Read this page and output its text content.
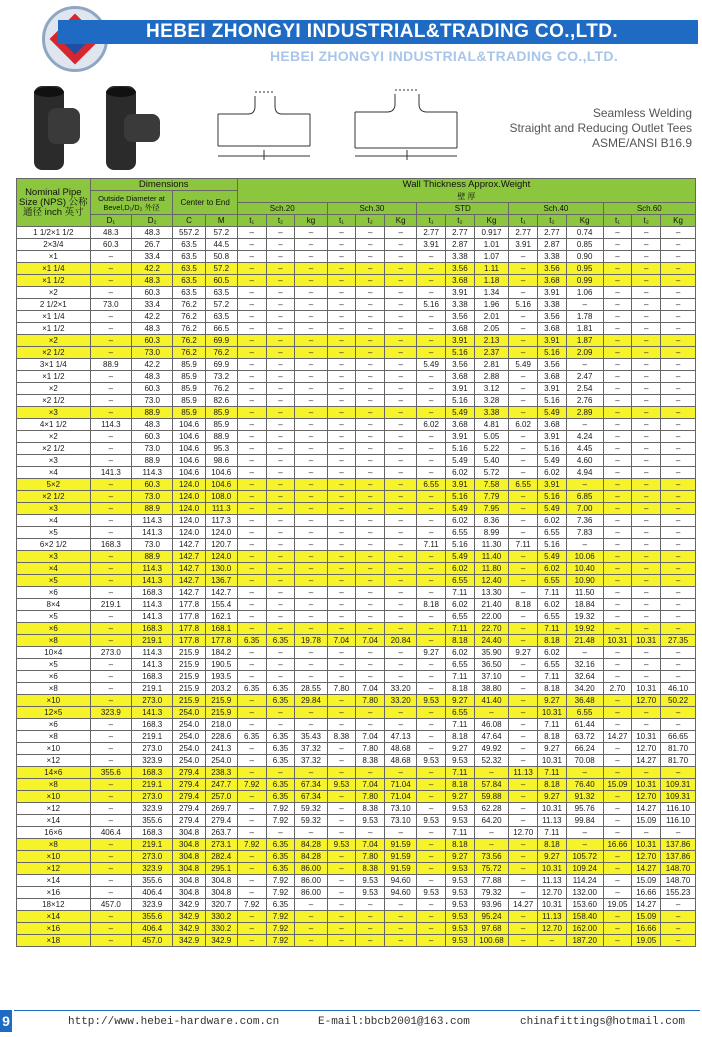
HEBEI ZHONGYI INDUSTRIAL&TRADING CO.,LTD.
HEBEI ZHONGYI INDUSTRIAL&TRADING CO.,LTD.
Seamless Welding
Straight and Reducing Outlet Tees
ASME/ANSI B16.9
Nominal Pipe Size (NPS) 公称通径 inch 英寸	Dimensions				Wall Thickness Approx.Weight														
	Outside Diameter at Bevel,D₁/D₂ 外径		Center to End		壁 厚														
					Sch.20			Sch.30			STD			Sch.40			Sch.60		
	D₁	D₂	C	M	t₁	t₂	kg	t₁	t₂	Kg	t₁	t₂	Kg	t₁	t₂	Kg	t₁	t₂	Kg
1 1/2×1 1/2	48.3	48.3	557.2	57.2	–	–	–	–	–	–	2.77	2.77	0.917	2.77	2.77	0.74	–	–	–
2×3/4	60.3	26.7	63.5	44.5	–	–	–	–	–	–	3.91	2.87	1.01	3.91	2.87	0.85	–	–	–
×1	–	33.4	63.5	50.8	–	–	–	–	–	–	–	3.38	1.07	–	3.38	0.90	–	–	–
×1 1/4	–	42.2	63.5	57.2	–	–	–	–	–	–	–	3.56	1.11	–	3.56	0.95	–	–	–
×1 1/2	–	48.3	63.5	60.5	–	–	–	–	–	–	–	3.68	1.18	–	3.68	0.99	–	–	–
×2	–	60.3	63.5	63.5	–	–	–	–	–	–	–	3.91	1.34	–	3.91	1.06	–	–	–
2 1/2×1	73.0	33.4	76.2	57.2	–	–	–	–	–	–	5.16	3.38	1.96	5.16	3.38	–	–	–	–
×1 1/4	–	42.2	76.2	63.5	–	–	–	–	–	–	–	3.56	2.01	–	3.56	1.78	–	–	–
×1 1/2	–	48.3	76.2	66.5	–	–	–	–	–	–	–	3.68	2.05	–	3.68	1.81	–	–	–
×2	–	60.3	76.2	69.9	–	–	–	–	–	–	–	3.91	2.13	–	3.91	1.87	–	–	–
×2 1/2	–	73.0	76.2	76.2	–	–	–	–	–	–	–	5.16	2.37	–	5.16	2.09	–	–	–
3×1 1/4	88.9	42.2	85.9	69.9	–	–	–	–	–	–	5.49	3.56	2.81	5.49	3.56	–	–	–	–
×1 1/2	–	48.3	85.9	73.2	–	–	–	–	–	–	–	3.68	2.88	–	3.68	2.47	–	–	–
×2	–	60.3	85.9	76.2	–	–	–	–	–	–	–	3.91	3.12	–	3.91	2.54	–	–	–
×2 1/2	–	73.0	85.9	82.6	–	–	–	–	–	–	–	5.16	3.28	–	5.16	2.76	–	–	–
×3	–	88.9	85.9	85.9	–	–	–	–	–	–	–	5.49	3.38	–	5.49	2.89	–	–	–
4×1 1/2	114.3	48.3	104.6	85.9	–	–	–	–	–	–	6.02	3.68	4.81	6.02	3.68	–	–	–	–
×2	–	60.3	104.6	88.9	–	–	–	–	–	–	–	3.91	5.05	–	3.91	4.24	–	–	–
×2 1/2	–	73.0	104.6	95.3	–	–	–	–	–	–	–	5.16	5.22	–	5.16	4.45	–	–	–
×3	–	88.9	104.6	98.6	–	–	–	–	–	–	–	5.49	5.40	–	5.49	4.60	–	–	–
×4	141.3	114.3	104.6	104.6	–	–	–	–	–	–	–	6.02	5.72	–	6.02	4.94	–	–	–
5×2	–	60.3	124.0	104.6	–	–	–	–	–	–	6.55	3.91	7.58	6.55	3.91	–	–	–	–
×2 1/2	–	73.0	124.0	108.0	–	–	–	–	–	–	–	5.16	7.79	–	5.16	6.85	–	–	–
×3	–	88.9	124.0	111.3	–	–	–	–	–	–	–	5.49	7.95	–	5.49	7.00	–	–	–
×4	–	114.3	124.0	117.3	–	–	–	–	–	–	–	6.02	8.36	–	6.02	7.36	–	–	–
×5	–	141.3	124.0	124.0	–	–	–	–	–	–	–	6.55	8.99	–	6.55	7.83	–	–	–
6×2 1/2	168.3	73.0	142.7	120.7	–	–	–	–	–	–	7.11	5.16	11.30	7.11	5.16	–	–	–	–
×3	–	88.9	142.7	124.0	–	–	–	–	–	–	–	5.49	11.40	–	5.49	10.06	–	–	–
×4	–	114.3	142.7	130.0	–	–	–	–	–	–	–	6.02	11.80	–	6.02	10.40	–	–	–
×5	–	141.3	142.7	136.7	–	–	–	–	–	–	–	6.55	12.40	–	6.55	10.90	–	–	–
×6	–	168.3	142.7	142.7	–	–	–	–	–	–	–	7.11	13.30	–	7.11	11.50	–	–	–
8×4	219.1	114.3	177.8	155.4	–	–	–	–	–	–	8.18	6.02	21.40	8.18	6.02	18.84	–	–	–
×5	–	141.3	177.8	162.1	–	–	–	–	–	–	–	6.55	22.00	–	6.55	19.32	–	–	–
×6	–	168.3	177.8	168.1	–	–	–	–	–	–	–	7.11	22.70	–	7.11	19.92	–	–	–
×8	–	219.1	177.8	177.8	6.35	6.35	19.78	7.04	7.04	20.84	–	8.18	24.40	–	8.18	21.48	10.31	10.31	27.35
10×4	273.0	114.3	215.9	184.2	–	–	–	–	–	–	9.27	6.02	35.90	9.27	6.02	–	–	–	–
×5	–	141.3	215.9	190.5	–	–	–	–	–	–	–	6.55	36.50	–	6.55	32.16	–	–	–
×6	–	168.3	215.9	193.5	–	–	–	–	–	–	–	7.11	37.10	–	7.11	32.64	–	–	–
×8	–	219.1	215.9	203.2	6.35	6.35	28.55	7.80	7.04	33.20	–	8.18	38.80	–	8.18	34.20	2.70	10.31	46.10
×10	–	273.0	215.9	215.9	–	6.35	29.84	–	7.80	33.20	9.53	9.27	41.40	–	9.27	36.48	–	12.70	50.22
12×5	323.9	141.3	254.0	215.9	–	–	–	–	–	–	–	6.55	–	–	10.31	6.55	–	–	–
×6	–	168.3	254.0	218.0	–	–	–	–	–	–	–	7.11	46.08	–	7.11	61.44	–	–	–
×8	–	219.1	254.0	228.6	6.35	6.35	35.43	8.38	7.04	47.13	–	8.18	47.64	–	8.18	63.72	14.27	10.31	66.65
×10	–	273.0	254.0	241.3	–	6.35	37.32	–	7.80	48.68	–	9.27	49.92	–	9.27	66.24	–	12.70	81.70
×12	–	323.9	254.0	254.0	–	6.35	37.32	–	8.38	48.68	9.53	9.53	52.32	–	10.31	70.08	–	14.27	81.70
14×6	355.6	168.3	279.4	238.3	–	–	–	–	–	–	–	7.11	–	11.13	7.11	–	–	–	–
×8	–	219.1	279.4	247.7	7.92	6.35	67.34	9.53	7.04	71.04	–	8.18	57.84	–	8.18	76.40	15.09	10.31	109.31
×10	–	273.0	279.4	257.0	–	6.35	67.34	–	7.80	71.04	–	9.27	59.88	–	9.27	91.32	–	12.70	109.31
×12	–	323.9	279.4	269.7	–	7.92	59.32	–	8.38	73.10	–	9.53	62.28	–	10.31	95.76	–	14.27	116.10
×14	–	355.6	279.4	279.4	–	7.92	59.32	–	9.53	73.10	9.53	9.53	64.20	–	11.13	99.84	–	15.09	116.10
16×6	406.4	168.3	304.8	263.7	–	–	–	–	–	–	–	7.11	–	12.70	7.11	–	–	–	–
×8	–	219.1	304.8	273.1	7.92	6.35	84.28	9.53	7.04	91.59	–	8.18	–	–	8.18	–	16.66	10.31	137.86
×10	–	273.0	304.8	282.4	–	6.35	84.28	–	7.80	91.59	–	9.27	73.56	–	9.27	105.72	–	12.70	137.86
×12	–	323.9	304.8	295.1	–	6.35	86.00	–	8.38	91.59	–	9.53	75.72	–	10.31	109.24	–	14.27	148.70
×14	–	355.6	304.8	304.8	–	7.92	86.00	–	9.53	94.60	–	9.53	77.88	–	11.13	114.24	–	15.09	148.70
×16	–	406.4	304.8	304.8	–	7.92	86.00	–	9.53	94.60	9.53	9.53	79.32	–	12.70	132.00	–	16.66	155.23
18×12	457.0	323.9	342.9	320.7	7.92	6.35	–	–	–	–	–	9.53	93.96	14.27	10.31	153.60	19.05	14.27	–
×14	–	355.6	342.9	330.2	–	7.92	–	–	–	–	–	9.53	95.24	–	11.13	158.40	–	15.09	–
×16	–	406.4	342.9	330.2	–	7.92	–	–	–	–	–	9.53	97.68	–	12.70	162.00	–	16.66	–
×18	–	457.0	342.9	342.9	–	7.92	–	–	–	–	–	9.53	100.68	–	–	187.20	–	19.05	–
9	http://www.hebei-hardware.com.cn	E-mail:bbcb2001@163.com	chinafittings@hotmail.com
